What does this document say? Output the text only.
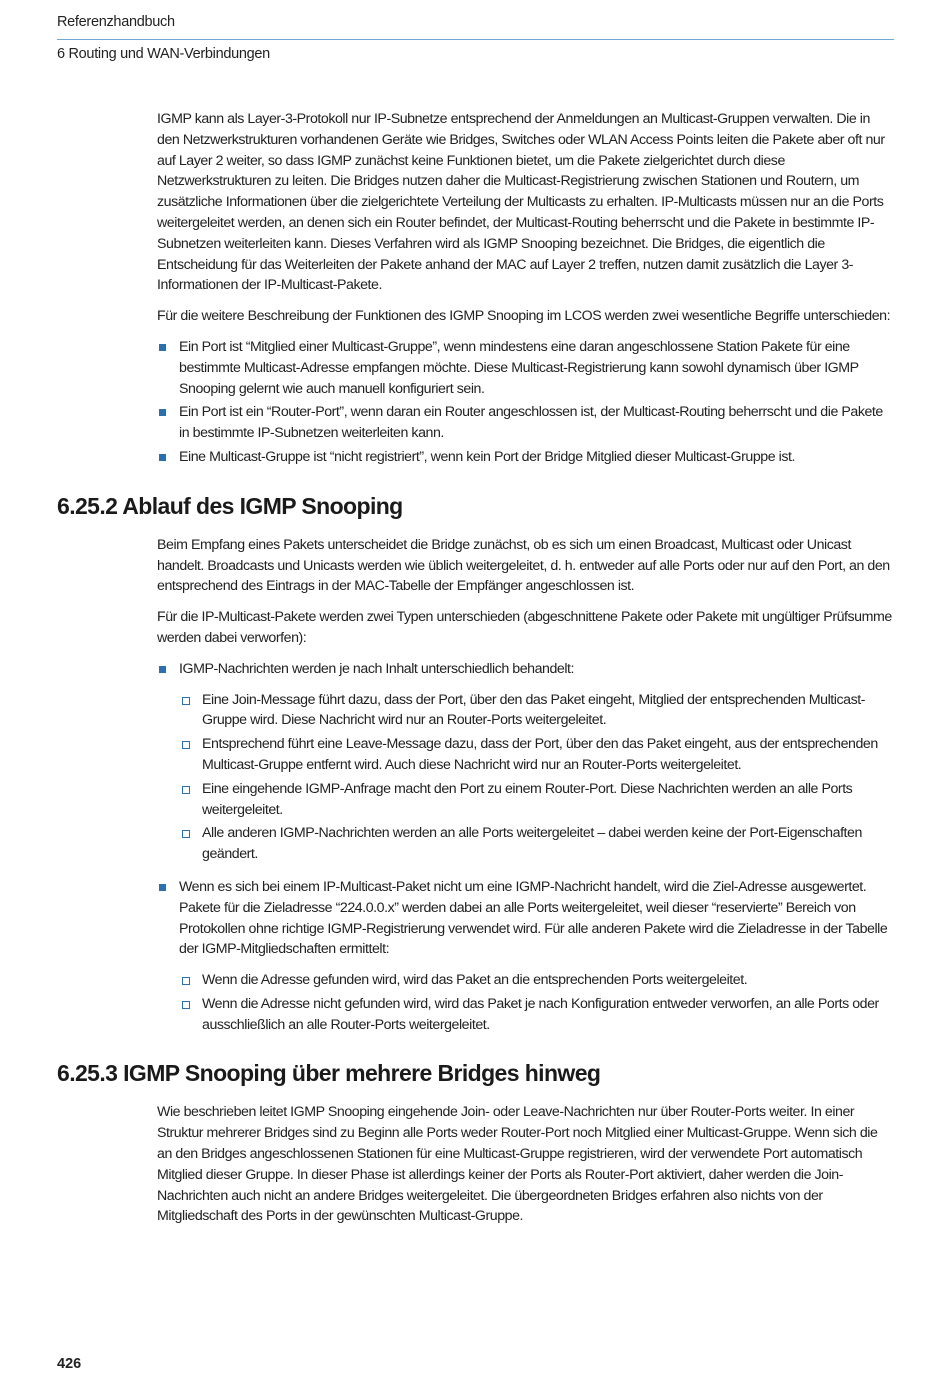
Referenzhandbuch
6 Routing und WAN-Verbindungen

IGMP kann als Layer-3-Protokoll nur IP-Subnetze entsprechend der Anmeldungen an Multicast-Gruppen verwalten. Die in den Netzwerkstrukturen vorhandenen Geräte wie Bridges, Switches oder WLAN Access Points leiten die Pakete aber oft nur auf Layer 2 weiter, so dass IGMP zunächst keine Funktionen bietet, um die Pakete zielgerichtet durch diese Netzwerkstrukturen zu leiten. Die Bridges nutzen daher die Multicast-Registrierung zwischen Stationen und Routern, um zusätzliche Informationen über die zielgerichtete Verteilung der Multicasts zu erhalten. IP-Multicasts müssen nur an die Ports weitergeleitet werden, an denen sich ein Router befindet, der Multicast-Routing beherrscht und die Pakete in bestimmte IP-Subnetzen weiterleiten kann. Dieses Verfahren wird als IGMP Snooping bezeichnet. Die Bridges, die eigentlich die Entscheidung für das Weiterleiten der Pakete anhand der MAC auf Layer 2 treffen, nutzen damit zusätzlich die Layer 3-Informationen der IP-Multicast-Pakete.

Für die weitere Beschreibung der Funktionen des IGMP Snooping im LCOS werden zwei wesentliche Begriffe unterschieden:

Ein Port ist “Mitglied einer Multicast-Gruppe”, wenn mindestens eine daran angeschlossene Station Pakete für eine bestimmte Multicast-Adresse empfangen möchte. Diese Multicast-Registrierung kann sowohl dynamisch über IGMP Snooping gelernt wie auch manuell konfiguriert sein.
Ein Port ist ein “Router-Port”, wenn daran ein Router angeschlossen ist, der Multicast-Routing beherrscht und die Pakete in bestimmte IP-Subnetzen weiterleiten kann.
Eine Multicast-Gruppe ist “nicht registriert”, wenn kein Port der Bridge Mitglied dieser Multicast-Gruppe ist.
6.25.2 Ablauf des IGMP Snooping

Beim Empfang eines Pakets unterscheidet die Bridge zunächst, ob es sich um einen Broadcast, Multicast oder Unicast handelt. Broadcasts und Unicasts werden wie üblich weitergeleitet, d. h. entweder auf alle Ports oder nur auf den Port, an den entsprechend des Eintrags in der MAC-Tabelle der Empfänger angeschlossen ist.

Für die IP-Multicast-Pakete werden zwei Typen unterschieden (abgeschnittene Pakete oder Pakete mit ungültiger Prüfsumme werden dabei verworfen):

IGMP-Nachrichten werden je nach Inhalt unterschiedlich behandelt:
Eine Join-Message führt dazu, dass der Port, über den das Paket eingeht, Mitglied der entsprechenden Multicast-Gruppe wird. Diese Nachricht wird nur an Router-Ports weitergeleitet.
Entsprechend führt eine Leave-Message dazu, dass der Port, über den das Paket eingeht, aus der entsprechenden Multicast-Gruppe entfernt wird. Auch diese Nachricht wird nur an Router-Ports weitergeleitet.
Eine eingehende IGMP-Anfrage macht den Port zu einem Router-Port. Diese Nachrichten werden an alle Ports weitergeleitet.
Alle anderen IGMP-Nachrichten werden an alle Ports weitergeleitet – dabei werden keine der Port-Eigenschaften geändert.
Wenn es sich bei einem IP-Multicast-Paket nicht um eine IGMP-Nachricht handelt, wird die Ziel-Adresse ausgewertet. Pakete für die Zieladresse “224.0.0.x” werden dabei an alle Ports weitergeleitet, weil dieser “reservierte” Bereich von Protokollen ohne richtige IGMP-Registrierung verwendet wird. Für alle anderen Pakete wird die Zieladresse in der Tabelle der IGMP-Mitgliedschaften ermittelt:
Wenn die Adresse gefunden wird, wird das Paket an die entsprechenden Ports weitergeleitet.
Wenn die Adresse nicht gefunden wird, wird das Paket je nach Konfiguration entweder verworfen, an alle Ports oder ausschließlich an alle Router-Ports weitergeleitet.
6.25.3 IGMP Snooping über mehrere Bridges hinweg

Wie beschrieben leitet IGMP Snooping eingehende Join- oder Leave-Nachrichten nur über Router-Ports weiter. In einer Struktur mehrerer Bridges sind zu Beginn alle Ports weder Router-Port noch Mitglied einer Multicast-Gruppe. Wenn sich die an den Bridges angeschlossenen Stationen für eine Multicast-Gruppe registrieren, wird der verwendete Port automatisch Mitglied dieser Gruppe. In dieser Phase ist allerdings keiner der Ports als Router-Port aktiviert, daher werden die Join-Nachrichten auch nicht an andere Bridges weitergeleitet. Die übergeordneten Bridges erfahren also nichts von der Mitgliedschaft des Ports in der gewünschten Multicast-Gruppe.

426
